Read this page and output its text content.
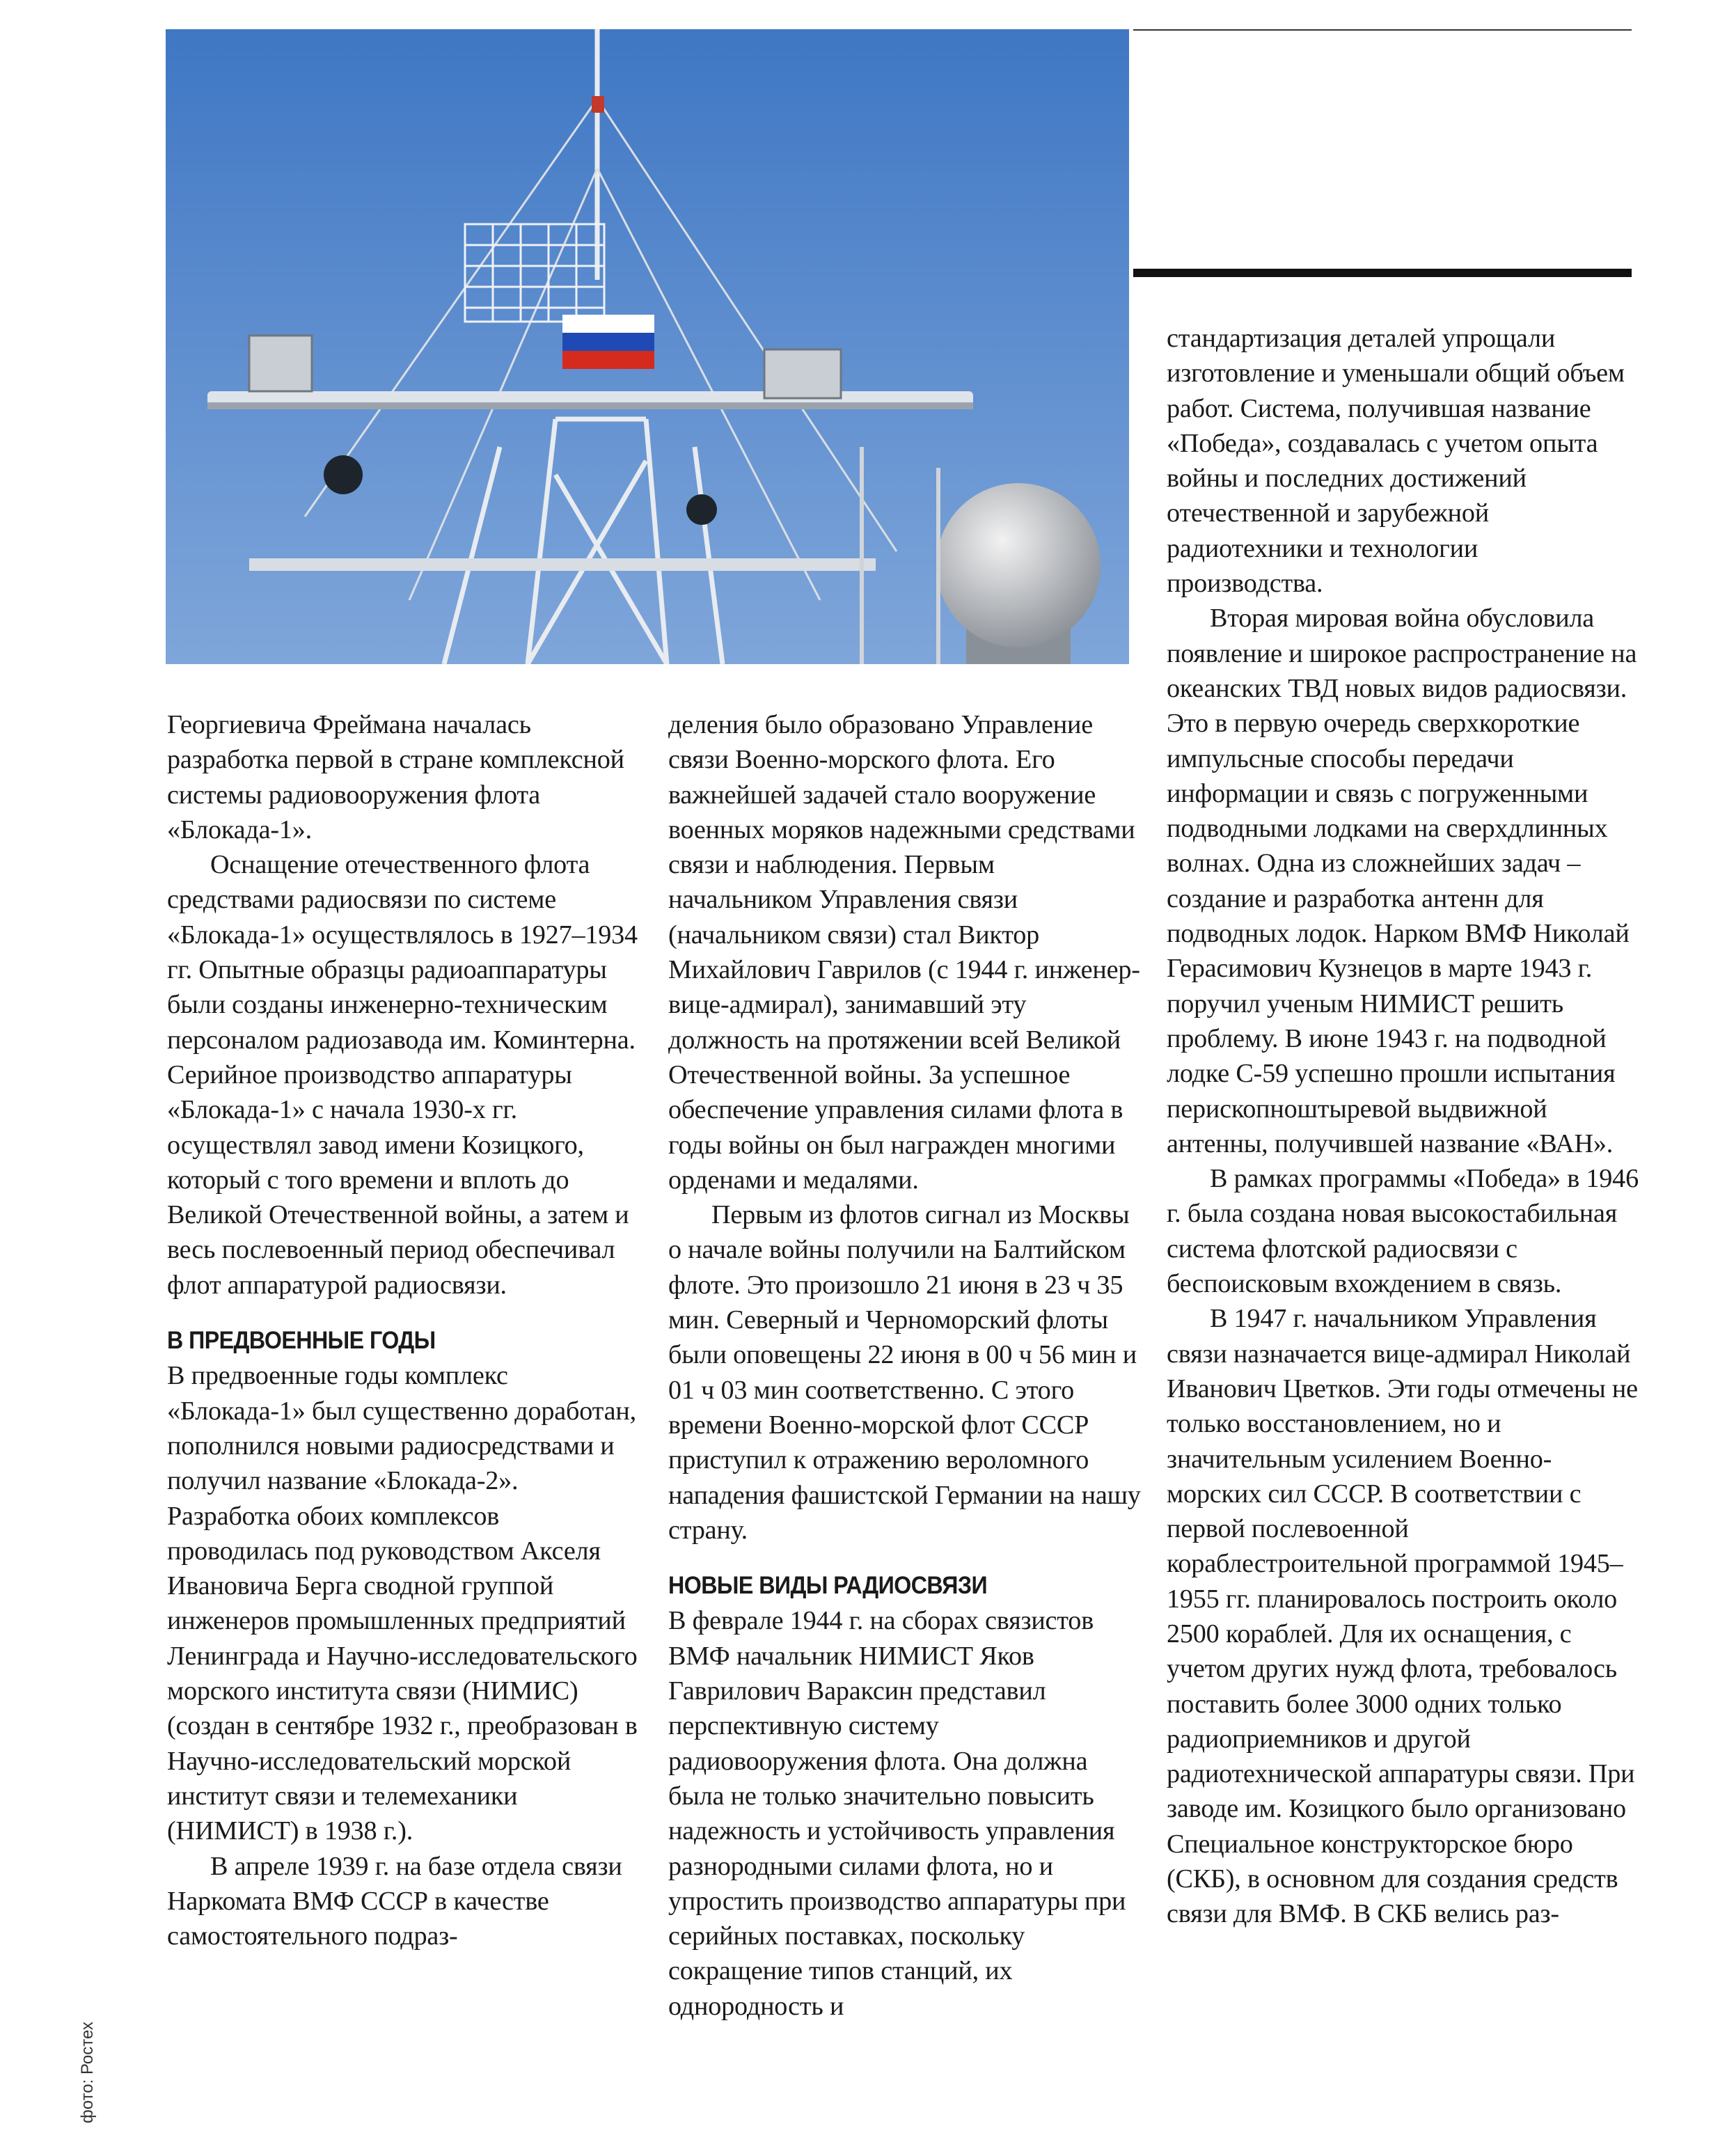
Георгиевича Фреймана началась разработка первой в стране комплексной системы радиовооружения флота «Блокада-1».

Оснащение отечественного флота средствами радиосвязи по системе «Блокада-1» осуществлялось в 1927–1934 гг. Опытные образцы радиоаппаратуры были созданы инженерно-техническим персоналом радиозавода им. Коминтерна. Серийное производство аппаратуры «Блокада-1» с начала 1930-х гг. осуществлял завод имени Козицкого, который с того времени и вплоть до Великой Отечественной войны, а затем и весь послевоенный период обеспечивал флот аппаратурой радиосвязи.

В ПРЕДВОЕННЫЕ ГОДЫ

В предвоенные годы комплекс «Блокада-1» был существенно доработан, пополнился новыми радиосредствами и получил название «Блокада-2». Разработка обоих комплексов проводилась под руководством Акселя Ивановича Берга сводной группой инженеров промышленных предприятий Ленинграда и Научно-исследовательского морского института связи (НИМИС) (создан в сентябре 1932 г., преобразован в Научно-исследовательский морской институт связи и телемеханики (НИМИСТ) в 1938 г.).

В апреле 1939 г. на базе отдела связи Наркомата ВМФ СССР в качестве самостоятельного подраз-

деления было образовано Управление связи Военно-морского флота. Его важнейшей задачей стало вооружение военных моряков надежными средствами связи и наблюдения. Первым начальником Управления связи (начальником связи) стал Виктор Михайлович Гаврилов (с 1944 г. инженер-вице-адмирал), занимавший эту должность на протяжении всей Великой Отечественной войны. За успешное обеспечение управления силами флота в годы войны он был награжден многими орденами и медалями.

Первым из флотов сигнал из Москвы о начале войны получили на Балтийском флоте. Это произошло 21 июня в 23 ч 35 мин. Северный и Черноморский флоты были оповещены 22 июня в 00 ч 56 мин и 01 ч 03 мин соответственно. С этого времени Военно-морской флот СССР приступил к отражению вероломного нападения фашистской Германии на нашу страну.

НОВЫЕ ВИДЫ РАДИОСВЯЗИ

В феврале 1944 г. на сборах связистов ВМФ начальник НИМИСТ Яков Гаврилович Вараксин представил перспективную систему радиовооружения флота. Она должна была не только значительно повысить надежность и устойчивость управления разнородными силами флота, но и упростить производство аппаратуры при серийных поставках, поскольку сокращение типов станций, их однородность и

стандартизация деталей упрощали изготовление и уменьшали общий объем работ. Система, получившая название «Победа», создавалась с учетом опыта войны и последних достижений отечественной и зарубежной радиотехники и технологии производства.

Вторая мировая война обусловила появление и широкое распространение на океанских ТВД новых видов радиосвязи. Это в первую очередь сверхкороткие импульсные способы передачи информации и связь с погруженными подводными лодками на сверхдлинных волнах. Одна из сложнейших задач – создание и разработка антенн для подводных лодок. Нарком ВМФ Николай Герасимович Кузнецов в марте 1943 г. поручил ученым НИМИСТ решить проблему. В июне 1943 г. на подводной лодке С-59 успешно прошли испытания перископноштыревой выдвижной антенны, получившей название «ВАН».

В рамках программы «Победа» в 1946 г. была создана новая высокостабильная система флотской радиосвязи с беспоисковым вхождением в связь.

В 1947 г. начальником Управления связи назначается вице-адмирал Николай Иванович Цветков. Эти годы отмечены не только восстановлением, но и значительным усилением Военно-морских сил СССР. В соответствии с первой послевоенной кораблестроительной программой 1945–1955 гг. планировалось построить около 2500 кораблей. Для их оснащения, с учетом других нужд флота, требовалось поставить более 3000 одних только радиоприемников и другой радиотехнической аппаратуры связи. При заводе им. Козицкого было организовано Специальное конструкторское бюро (СКБ), в основном для создания средств связи для ВМФ. В СКБ велись раз-

фото: Ростех
